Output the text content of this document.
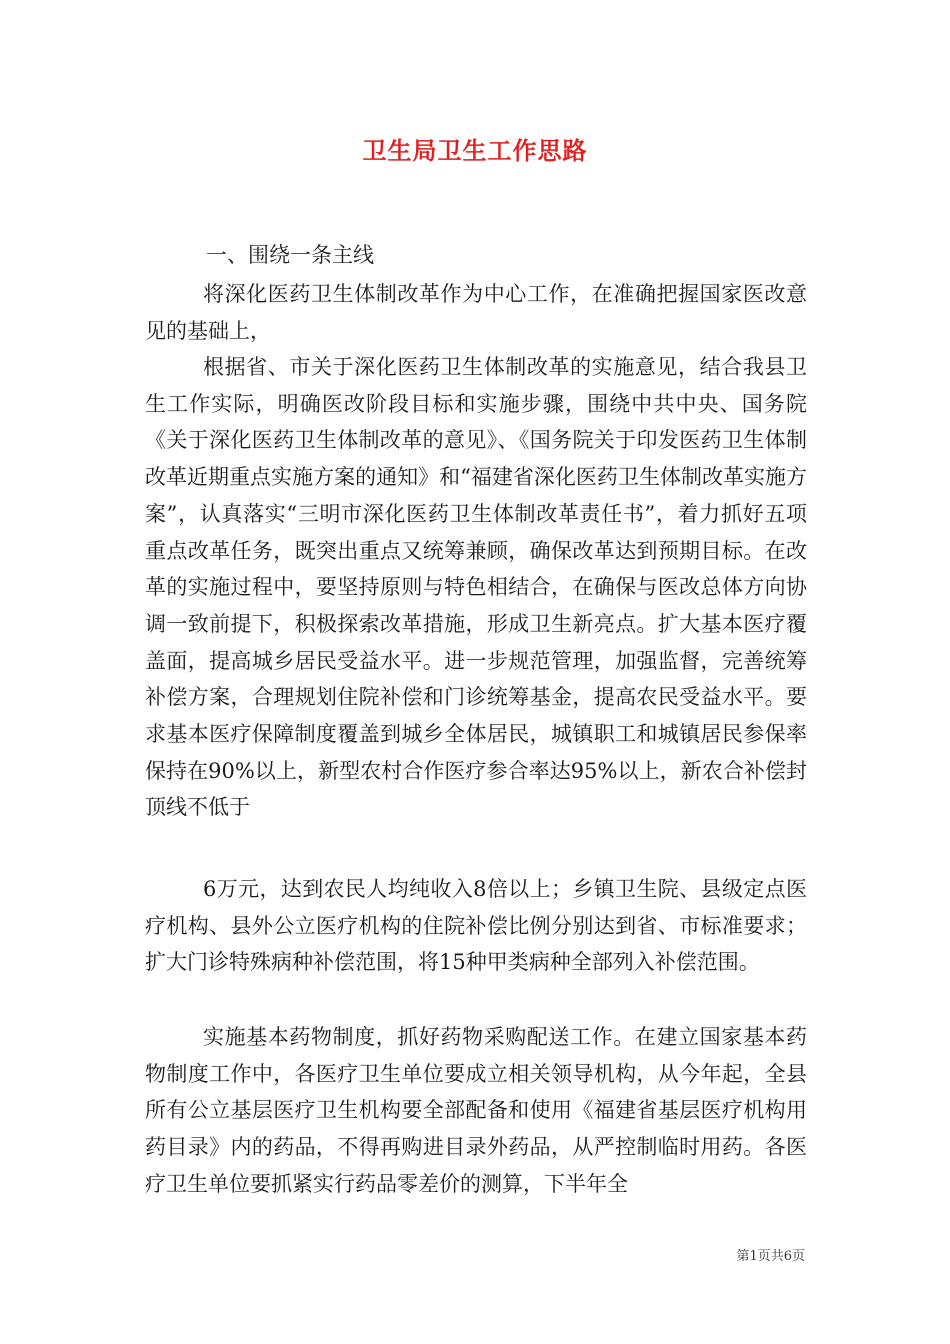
卫生局卫生工作思路

一、围绕一条主线

将深化医药卫生体制改革作为中心工作，在准确把握国家医改意见的基础上，

根据省、市关于深化医药卫生体制改革的实施意见，结合我县卫生工作实际，明确医改阶段目标和实施步骤，围绕中共中央、国务院《关于深化医药卫生体制改革的意见》、《国务院关于印发医药卫生体制改革近期重点实施方案的通知》和“福建省深化医药卫生体制改革实施方案”，认真落实“三明市深化医药卫生体制改革责任书”，着力抓好五项重点改革任务，既突出重点又统筹兼顾，确保改革达到预期目标。在改革的实施过程中，要坚持原则与特色相结合，在确保与医改总体方向协调一致前提下，积极探索改革措施，形成卫生新亮点。扩大基本医疗覆盖面，提高城乡居民受益水平。进一步规范管理，加强监督，完善统筹补偿方案，合理规划住院补偿和门诊统筹基金，提高农民受益水平。要求基本医疗保障制度覆盖到城乡全体居民，城镇职工和城镇居民参保率保持在90%以上，新型农村合作医疗参合率达95%以上，新农合补偿封顶线不低于

6万元，达到农民人均纯收入8倍以上；乡镇卫生院、县级定点医疗机构、县外公立医疗机构的住院补偿比例分别达到省、市标准要求；扩大门诊特殊病种补偿范围，将15种甲类病种全部列入补偿范围。

实施基本药物制度，抓好药物采购配送工作。在建立国家基本药物制度工作中，各医疗卫生单位要成立相关领导机构，从今年起，全县所有公立基层医疗卫生机构要全部配备和使用《福建省基层医疗机构用药目录》内的药品，不得再购进目录外药品，从严控制临时用药。各医疗卫生单位要抓紧实行药品零差价的测算，下半年全

第1页共6页
